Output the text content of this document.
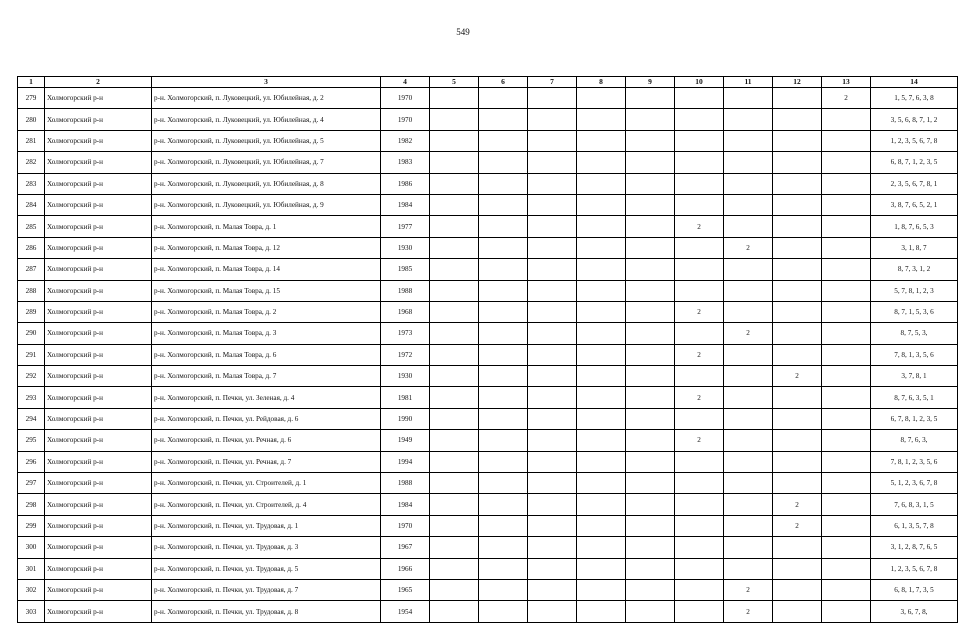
549
1	2	3	4	5	6	7	8	9	10	11	12	13	14
279	Холмогорский р-н	р-н. Холмогорский, п. Луковецкий, ул. Юбилейная, д. 2	1970									2	1, 5, 7, 6, 3, 8
280	Холмогорский р-н	р-н. Холмогорский, п. Луковецкий, ул. Юбилейная, д. 4	1970										3, 5, 6, 8, 7, 1, 2
281	Холмогорский р-н	р-н. Холмогорский, п. Луковецкий, ул. Юбилейная, д. 5	1982										1, 2, 3, 5, 6, 7, 8
282	Холмогорский р-н	р-н. Холмогорский, п. Луковецкий, ул. Юбилейная, д. 7	1983										6, 8, 7, 1, 2, 3, 5
283	Холмогорский р-н	р-н. Холмогорский, п. Луковецкий, ул. Юбилейная, д. 8	1986										2, 3, 5, 6, 7, 8, 1
284	Холмогорский р-н	р-н. Холмогорский, п. Луковецкий, ул. Юбилейная, д. 9	1984										3, 8, 7, 6, 5, 2, 1
285	Холмогорский р-н	р-н. Холмогорский, п. Малая Товра, д. 1	1977						2				1, 8, 7, 6, 5, 3
286	Холмогорский р-н	р-н. Холмогорский, п. Малая Товра, д. 12	1930							2			3, 1, 8, 7
287	Холмогорский р-н	р-н. Холмогорский, п. Малая Товра, д. 14	1985										8, 7, 3, 1, 2
288	Холмогорский р-н	р-н. Холмогорский, п. Малая Товра, д. 15	1988										5, 7, 8, 1, 2, 3
289	Холмогорский р-н	р-н. Холмогорский, п. Малая Товра, д. 2	1968						2				8, 7, 1, 5, 3, 6
290	Холмогорский р-н	р-н. Холмогорский, п. Малая Товра, д. 3	1973							2			8, 7, 5, 3,
291	Холмогорский р-н	р-н. Холмогорский, п. Малая Товра, д. 6	1972						2				7, 8, 1, 3, 5, 6
292	Холмогорский р-н	р-н. Холмогорский, п. Малая Товра, д. 7	1930								2		3, 7, 8, 1
293	Холмогорский р-н	р-н. Холмогорский, п. Печки, ул. Зеленая, д. 4	1981						2				8, 7, 6, 3, 5, 1
294	Холмогорский р-н	р-н. Холмогорский, п. Печки, ул. Рейдовая, д. 6	1990										6, 7, 8, 1, 2, 3, 5
295	Холмогорский р-н	р-н. Холмогорский, п. Печки, ул. Речная, д. 6	1949						2				8, 7, 6, 3,
296	Холмогорский р-н	р-н. Холмогорский, п. Печки, ул. Речная, д. 7	1994										7, 8, 1, 2, 3, 5, 6
297	Холмогорский р-н	р-н. Холмогорский, п. Печки, ул. Строителей, д. 1	1988										5, 1, 2, 3, 6, 7, 8
298	Холмогорский р-н	р-н. Холмогорский, п. Печки, ул. Строителей, д. 4	1984								2		7, 6, 8, 3, 1, 5
299	Холмогорский р-н	р-н. Холмогорский, п. Печки, ул. Трудовая, д. 1	1970								2		6, 1, 3, 5, 7, 8
300	Холмогорский р-н	р-н. Холмогорский, п. Печки, ул. Трудовая, д. 3	1967										3, 1, 2, 8, 7, 6, 5
301	Холмогорский р-н	р-н. Холмогорский, п. Печки, ул. Трудовая, д. 5	1966										1, 2, 3, 5, 6, 7, 8
302	Холмогорский р-н	р-н. Холмогорский, п. Печки, ул. Трудовая, д. 7	1965							2			6, 8, 1, 7, 3, 5
303	Холмогорский р-н	р-н. Холмогорский, п. Печки, ул. Трудовая, д. 8	1954							2			3, 6, 7, 8,
